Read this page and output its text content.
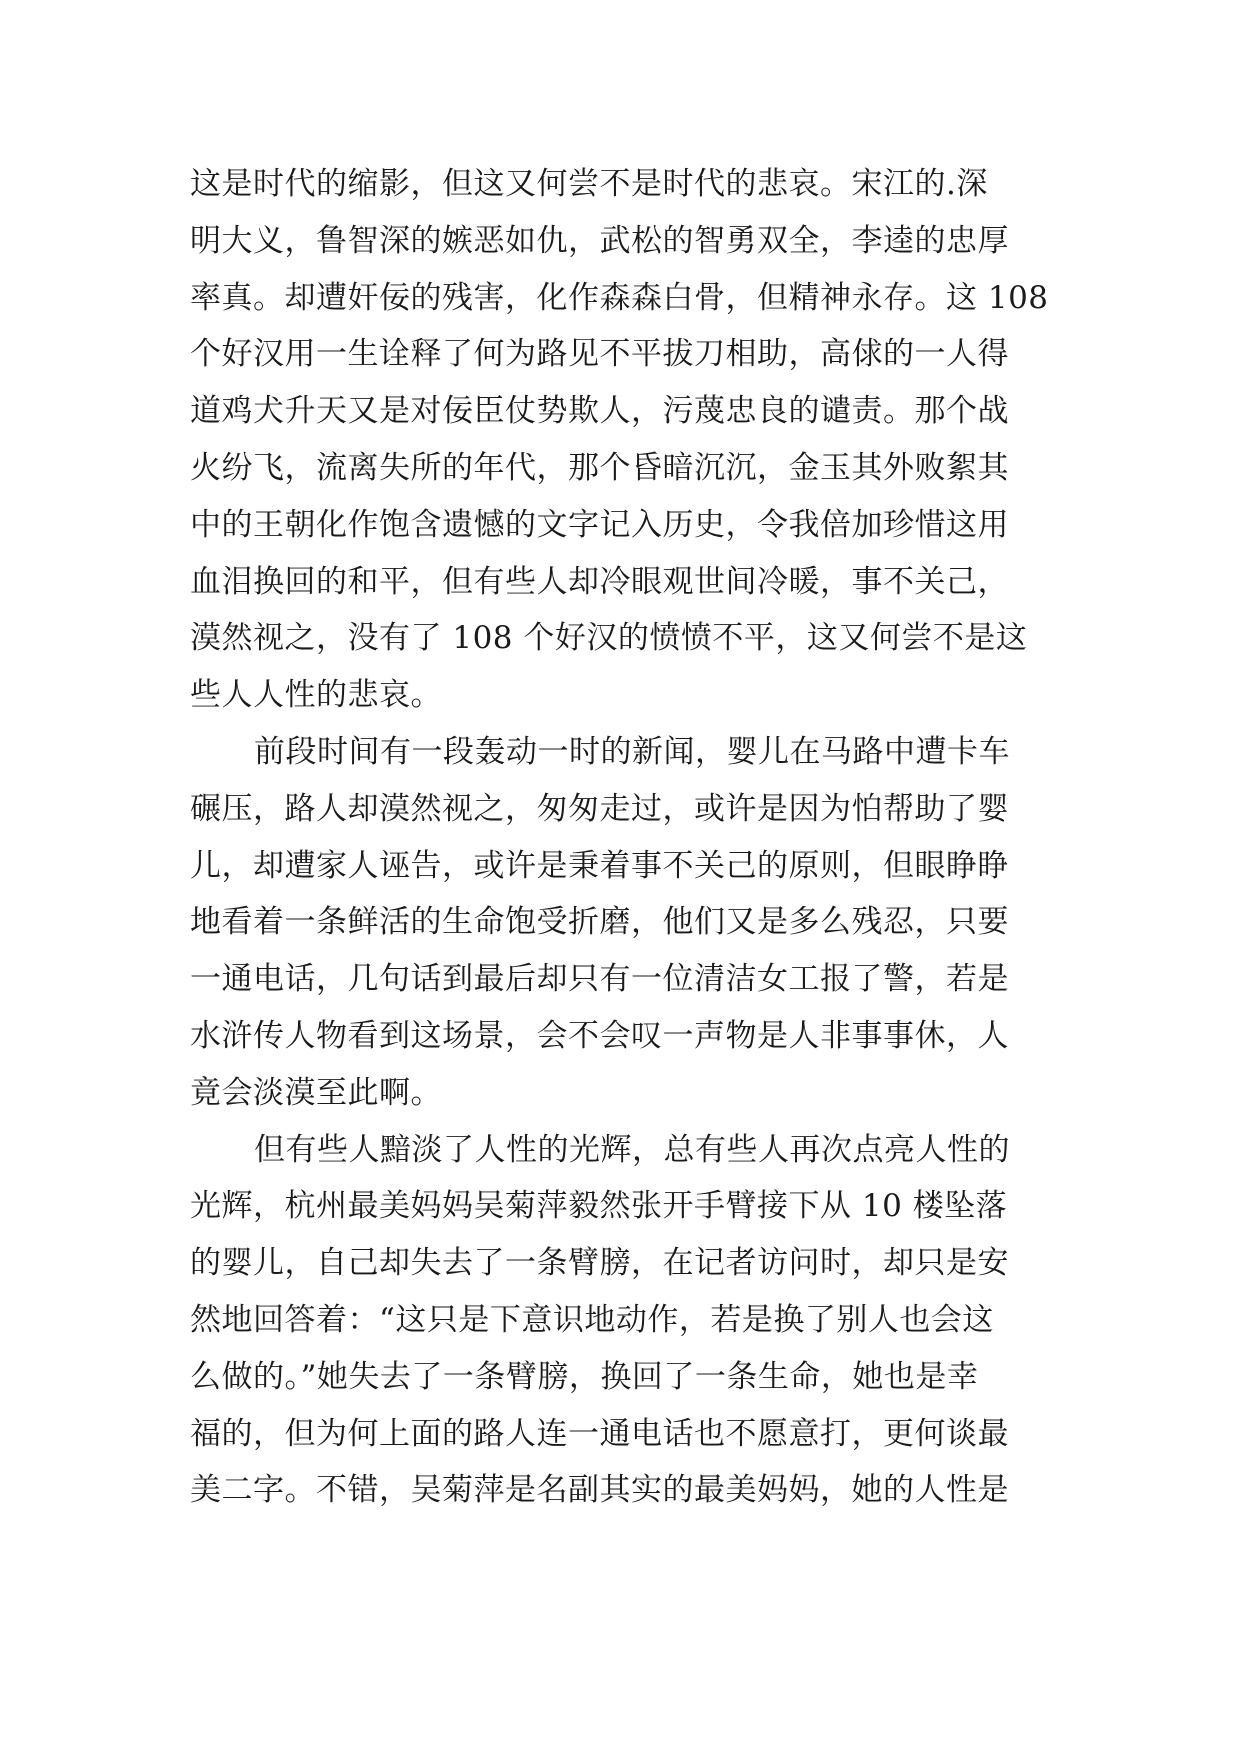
这是时代的缩影，但这又何尝不是时代的悲哀。宋江的.深
明大义，鲁智深的嫉恶如仇，武松的智勇双全，李逵的忠厚
率真。却遭奸佞的残害，化作森森白骨，但精神永存。这 108
个好汉用一生诠释了何为路见不平拔刀相助，高俅的一人得
道鸡犬升天又是对佞臣仗势欺人，污蔑忠良的谴责。那个战
火纷飞，流离失所的年代，那个昏暗沉沉，金玉其外败絮其
中的王朝化作饱含遗憾的文字记入历史，令我倍加珍惜这用
血泪换回的和平，但有些人却冷眼观世间冷暖，事不关己，
漠然视之，没有了 108 个好汉的愤愤不平，这又何尝不是这
些人人性的悲哀。
前段时间有一段轰动一时的新闻，婴儿在马路中遭卡车
碾压，路人却漠然视之，匆匆走过，或许是因为怕帮助了婴
儿，却遭家人诬告，或许是秉着事不关己的原则，但眼睁睁
地看着一条鲜活的生命饱受折磨，他们又是多么残忍，只要
一通电话，几句话到最后却只有一位清洁女工报了警，若是
水浒传人物看到这场景，会不会叹一声物是人非事事休，人
竟会淡漠至此啊。
但有些人黯淡了人性的光辉，总有些人再次点亮人性的
光辉，杭州最美妈妈吴菊萍毅然张开手臂接下从 10 楼坠落
的婴儿，自己却失去了一条臂膀，在记者访问时，却只是安
然地回答着：“这只是下意识地动作，若是换了别人也会这
么做的。”她失去了一条臂膀，换回了一条生命，她也是幸
福的，但为何上面的路人连一通电话也不愿意打，更何谈最
美二字。不错，吴菊萍是名副其实的最美妈妈，她的人性是
